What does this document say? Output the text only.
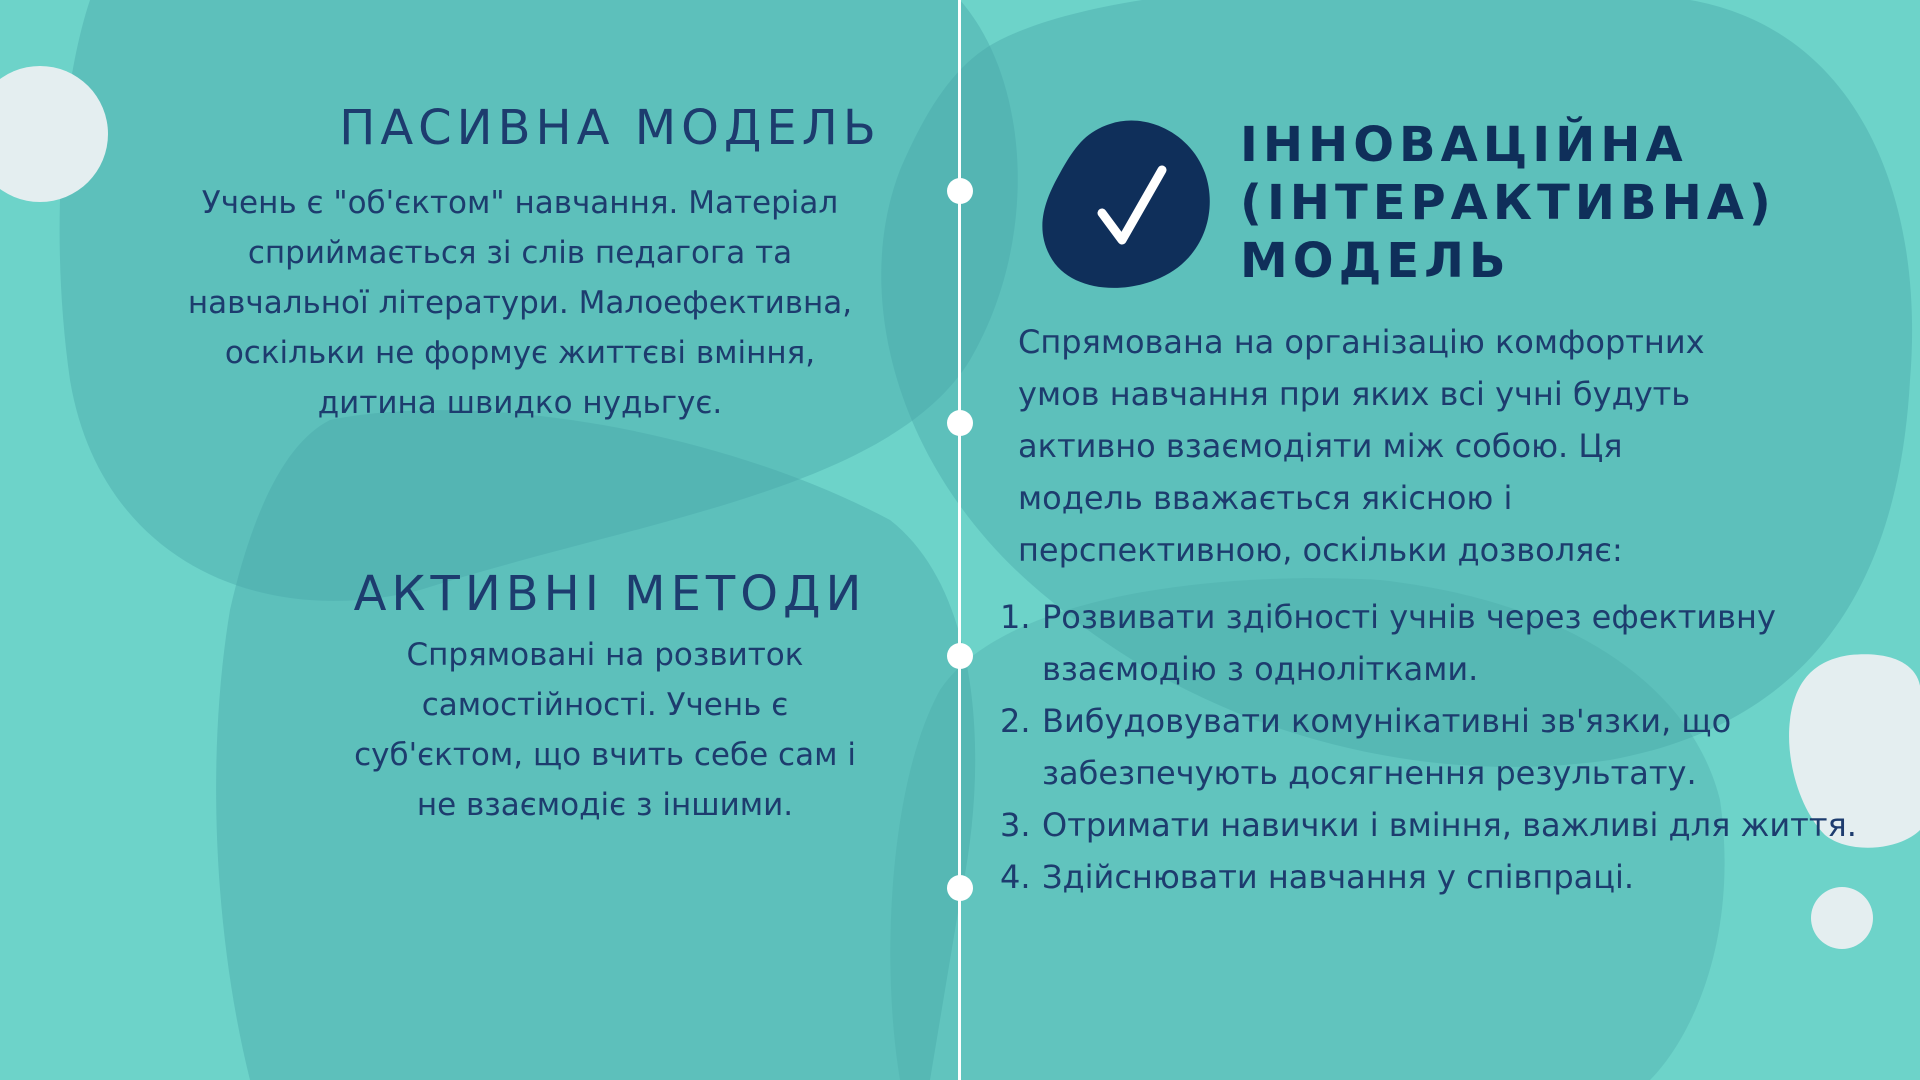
ПАСИВНА МОДЕЛЬ
Учень є "об'єктом" навчання. Матеріал
сприймається зі слів педагога та
навчальної літератури. Малоефективна,
оскільки не формує життєві вміння,
дитина швидко нудьгує.
АКТИВНІ МЕТОДИ
Спрямовані на розвиток
самостійності. Учень є
суб'єктом, що вчить себе сам і
не взаємодіє з іншими.
ІННОВАЦІЙНА
(ІНТЕРАКТИВНА)
МОДЕЛЬ
Спрямована на організацію комфортних
умов навчання при яких всі учні будуть
активно взаємодіяти між собою. Ця
модель вважається якісною і
перспективною, оскільки дозволяє:
1. Розвивати здібності учнів через ефективну взаємодію з однолітками.
2. Вибудовувати комунікативні зв'язки, що забезпечують досягнення результату.
3. Отримати навички і вміння, важливі для життя.
4. Здійснювати навчання у співпраці.
